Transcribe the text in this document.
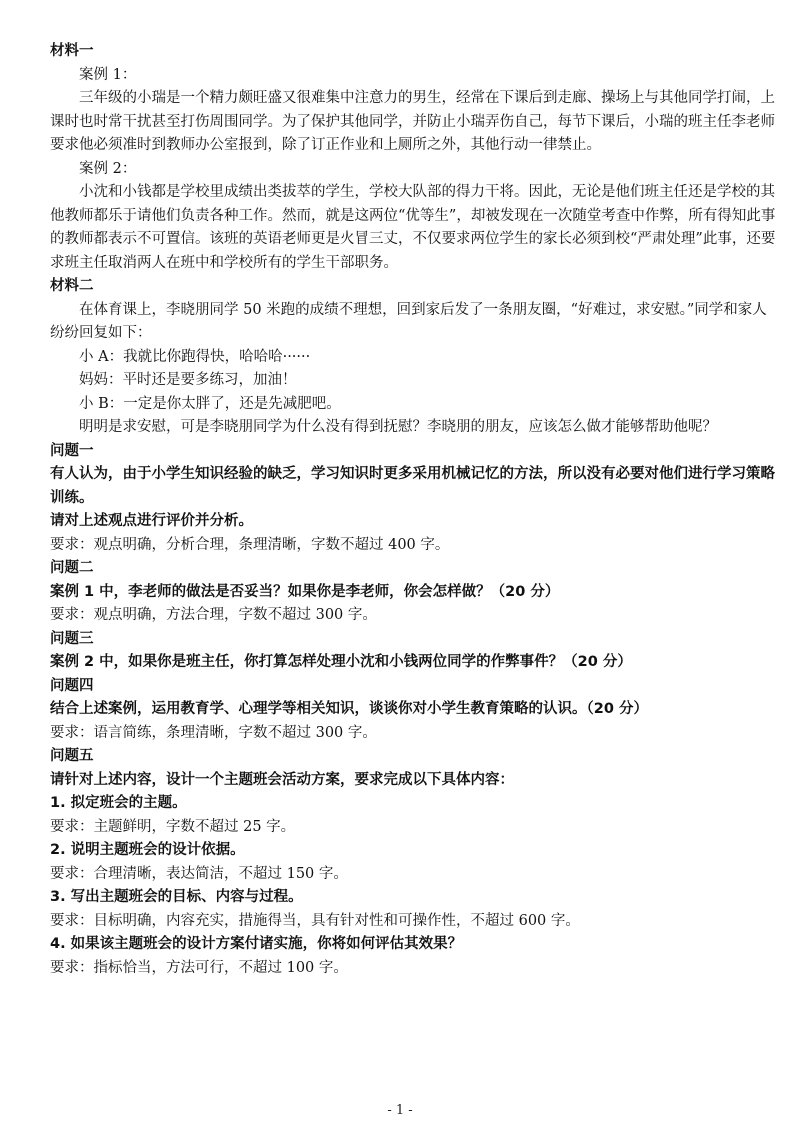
材料一

案例 1：

三年级的小瑞是一个精力颇旺盛又很难集中注意力的男生，经常在下课后到走廊、操场上与其他同学打闹，上课时也时常干扰甚至打伤周围同学。为了保护其他同学，并防止小瑞弄伤自己，每节下课后，小瑞的班主任李老师要求他必须准时到教师办公室报到，除了订正作业和上厕所之外，其他行动一律禁止。

案例 2：

小沈和小钱都是学校里成绩出类拔萃的学生，学校大队部的得力干将。因此，无论是他们班主任还是学校的其他教师都乐于请他们负责各种工作。然而，就是这两位“优等生”，却被发现在一次随堂考查中作弊，所有得知此事的教师都表示不可置信。该班的英语老师更是火冒三丈，不仅要求两位学生的家长必须到校“严肃处理”此事，还要求班主任取消两人在班中和学校所有的学生干部职务。

材料二

在体育课上，李晓朋同学 50 米跑的成绩不理想，回到家后发了一条朋友圈，“好难过，求安慰。”同学和家人纷纷回复如下：

小 A：我就比你跑得快，哈哈哈······

妈妈：平时还是要多练习，加油！

小 B：一定是你太胖了，还是先减肥吧。

明明是求安慰，可是李晓朋同学为什么没有得到抚慰？李晓朋的朋友，应该怎么做才能够帮助他呢？

问题一

有人认为，由于小学生知识经验的缺乏，学习知识时更多采用机械记忆的方法，所以没有必要对他们进行学习策略训练。

请对上述观点进行评价并分析。

要求：观点明确，分析合理，条理清晰，字数不超过 400 字。

问题二

案例 1 中，李老师的做法是否妥当？如果你是李老师，你会怎样做？（20 分）

要求：观点明确，方法合理，字数不超过 300 字。

问题三

案例 2 中，如果你是班主任，你打算怎样处理小沈和小钱两位同学的作弊事件？（20 分）

问题四

结合上述案例，运用教育学、心理学等相关知识，谈谈你对小学生教育策略的认识。（20 分）

要求：语言简练，条理清晰，字数不超过 300 字。

问题五

请针对上述内容，设计一个主题班会活动方案，要求完成以下具体内容：

1. 拟定班会的主题。

要求：主题鲜明，字数不超过 25 字。

2. 说明主题班会的设计依据。

要求：合理清晰，表达简洁，不超过 150 字。

3. 写出主题班会的目标、内容与过程。

要求：目标明确，内容充实，措施得当，具有针对性和可操作性，不超过 600 字。

4. 如果该主题班会的设计方案付诸实施，你将如何评估其效果？

要求：指标恰当，方法可行，不超过 100 字。

- 1 -
